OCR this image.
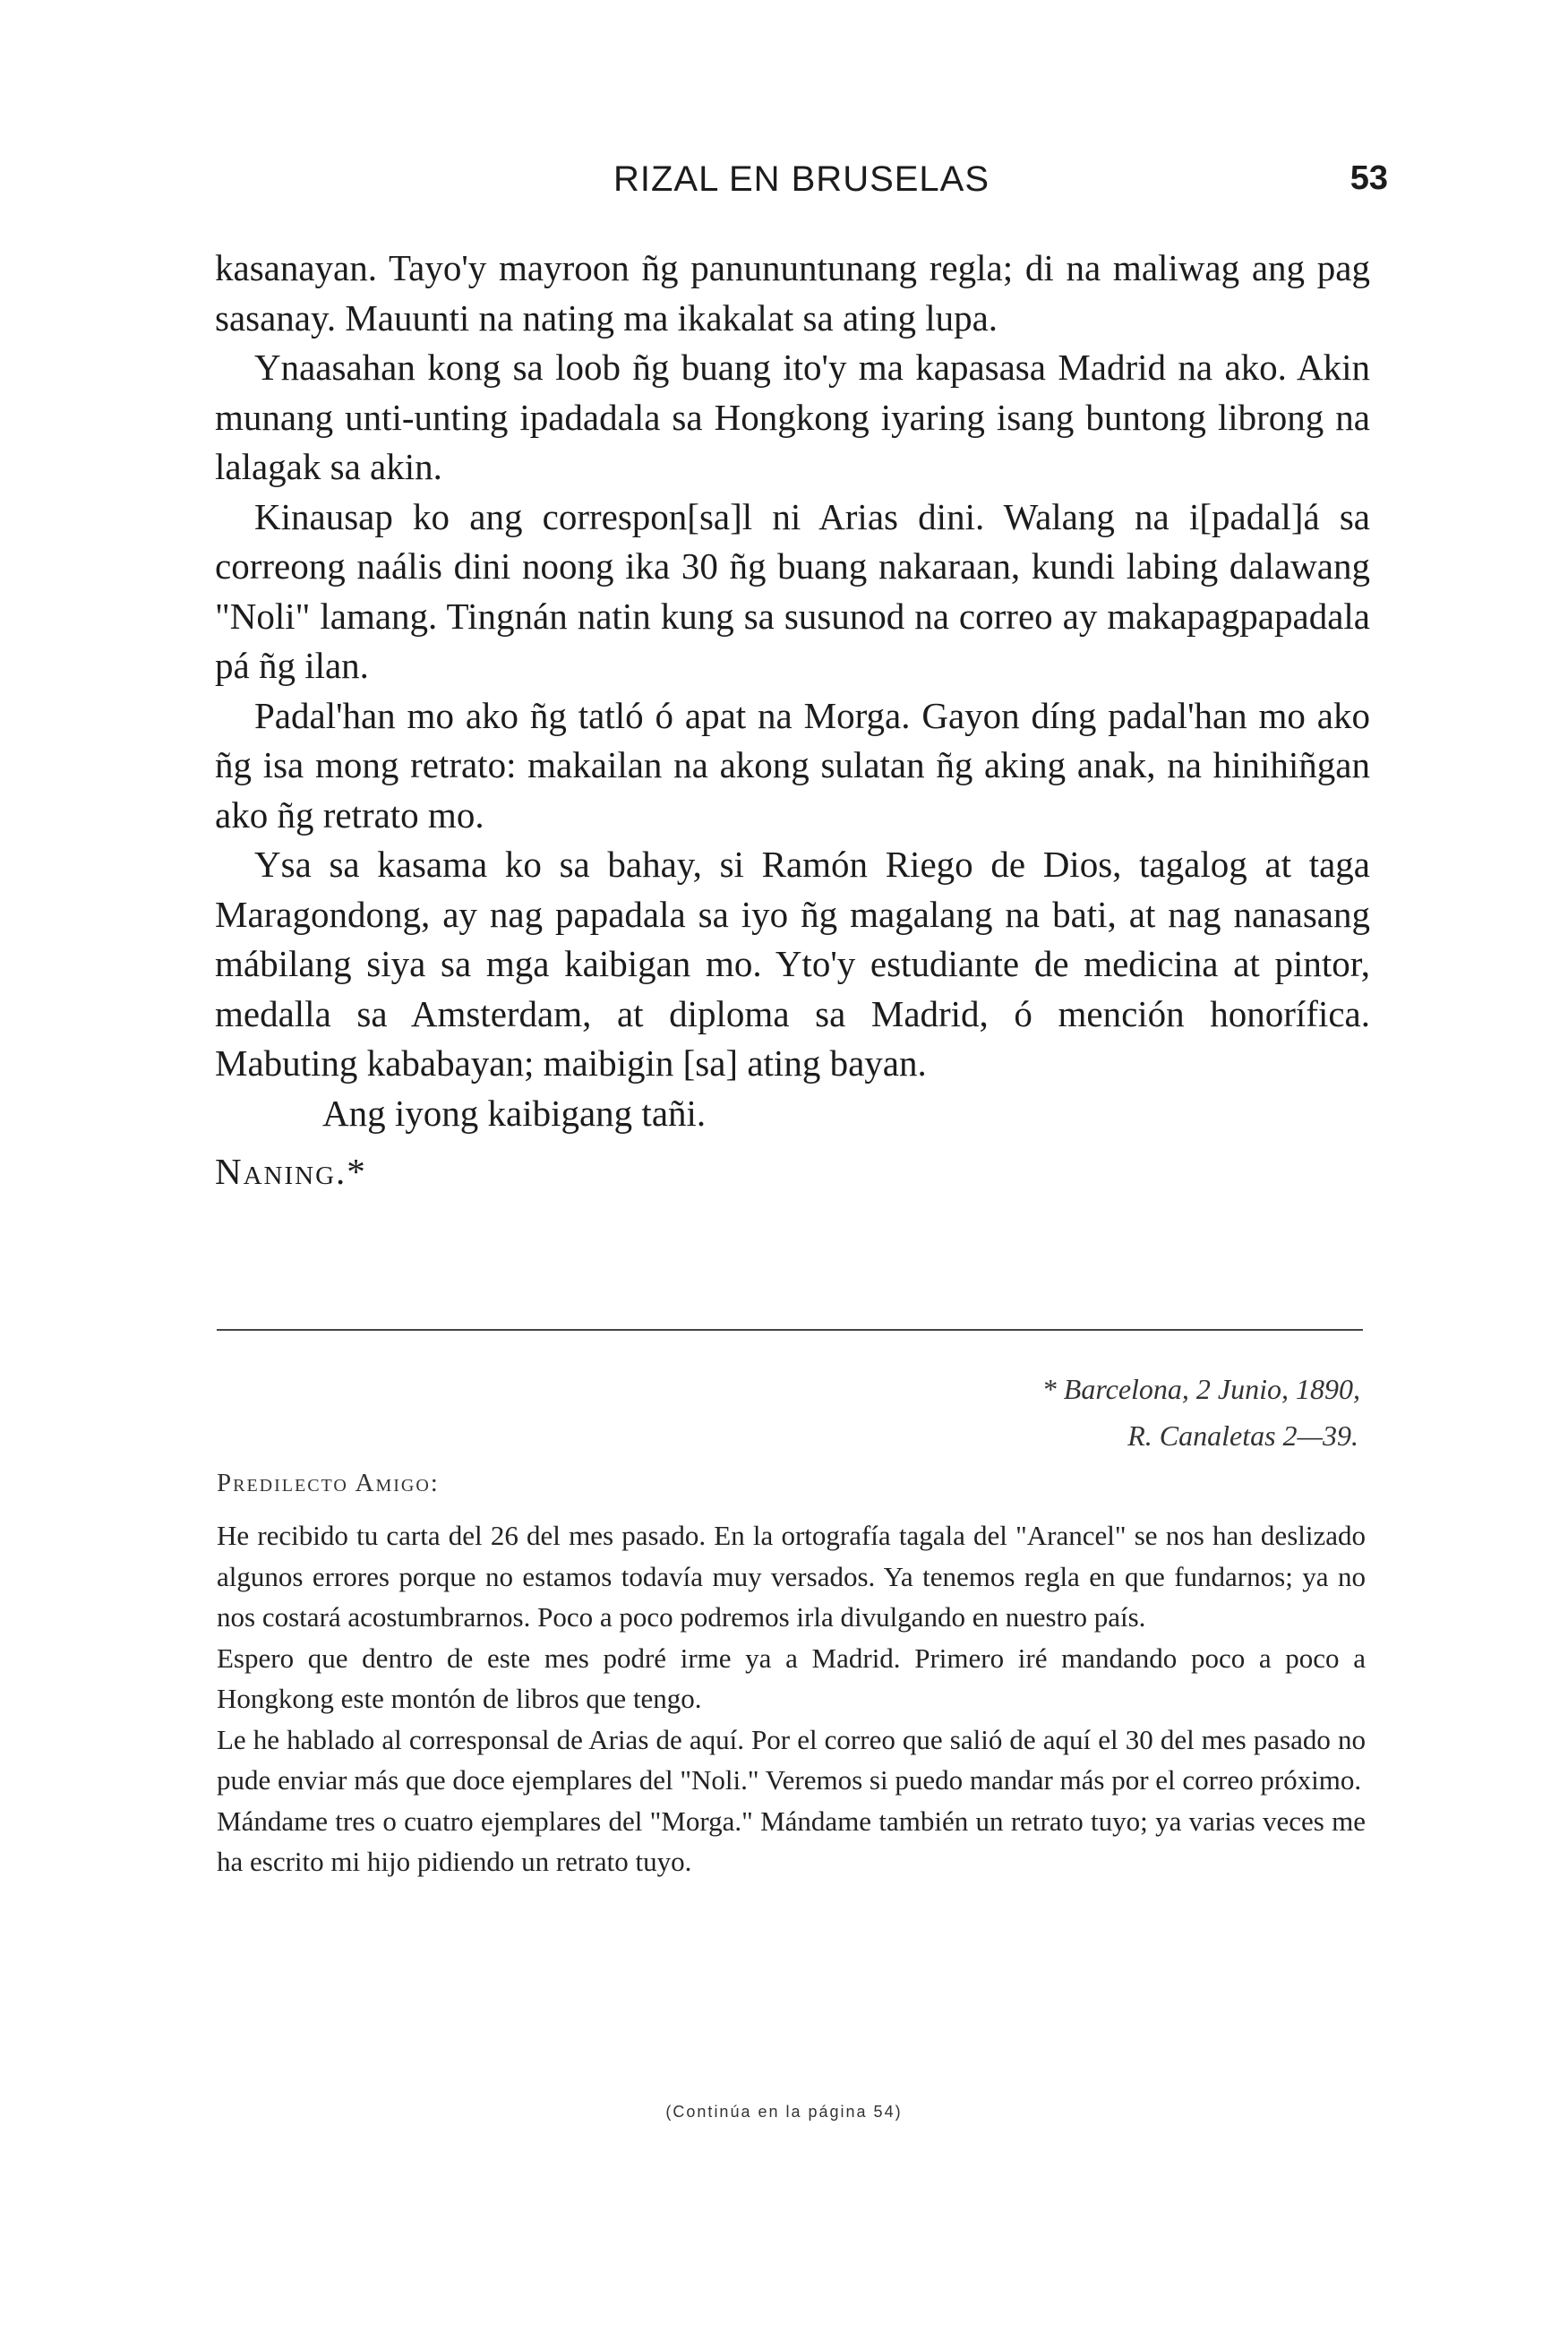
RIZAL EN BRUSELAS	53

kasanayan. Tayo'y mayroon ñg panununtunang regla; di na maliwag ang pag sasanay. Mauunti na nating ma ikakalat sa ating lupa.

Ynaasahan kong sa loob ñg buang ito'y ma kapasasa Madrid na ako. Akin munang unti-unting ipadadala sa Hongkong iyaring isang buntong librong na lalagak sa akin.

Kinausap ko ang correspon[sa]l ni Arias dini. Walang na i[padal]á sa correong naális dini noong ika 30 ñg buang nakaraan, kundi labing dalawang "Noli" lamang. Tingnán natin kung sa susunod na correo ay makapagpapadala pá ñg ilan.

Padal'han mo ako ñg tatló ó apat na Morga. Gayon díng padal'han mo ako ñg isa mong retrato: makailan na akong sulatan ñg aking anak, na hinihiñgan ako ñg retrato mo.

Ysa sa kasama ko sa bahay, si Ramón Riego de Dios, tagalog at taga Maragondong, ay nag papadala sa iyo ñg magalang na bati, at nag nanasang mábilang siya sa mga kaibigan mo. Yto'y estudiante de medicina at pintor, medalla sa Amsterdam, at diploma sa Madrid, ó mención honorífica. Mabuting kababayan; maibigin [sa] ating bayan.

Ang iyong kaibigang tañi.

Naning.*

* Barcelona, 2 Junio, 1890,
R. Canaletas 2—39.
Predilecto Amigo:

He recibido tu carta del 26 del mes pasado. En la ortografía tagala del "Arancel" se nos han deslizado algunos errores porque no estamos todavía muy versados. Ya tenemos regla en que fundarnos; ya no nos costará acostumbrarnos. Poco a poco podremos irla divulgando en nuestro país.

Espero que dentro de este mes podré irme ya a Madrid. Primero iré mandando poco a poco a Hongkong este montón de libros que tengo.

Le he hablado al corresponsal de Arias de aquí. Por el correo que salió de aquí el 30 del mes pasado no pude enviar más que doce ejemplares del "Noli." Veremos si puedo mandar más por el correo próximo.

Mándame tres o cuatro ejemplares del "Morga." Mándame también un retrato tuyo; ya varias veces me ha escrito mi hijo pidiendo un retrato tuyo.

(Continúa en la página 54)
